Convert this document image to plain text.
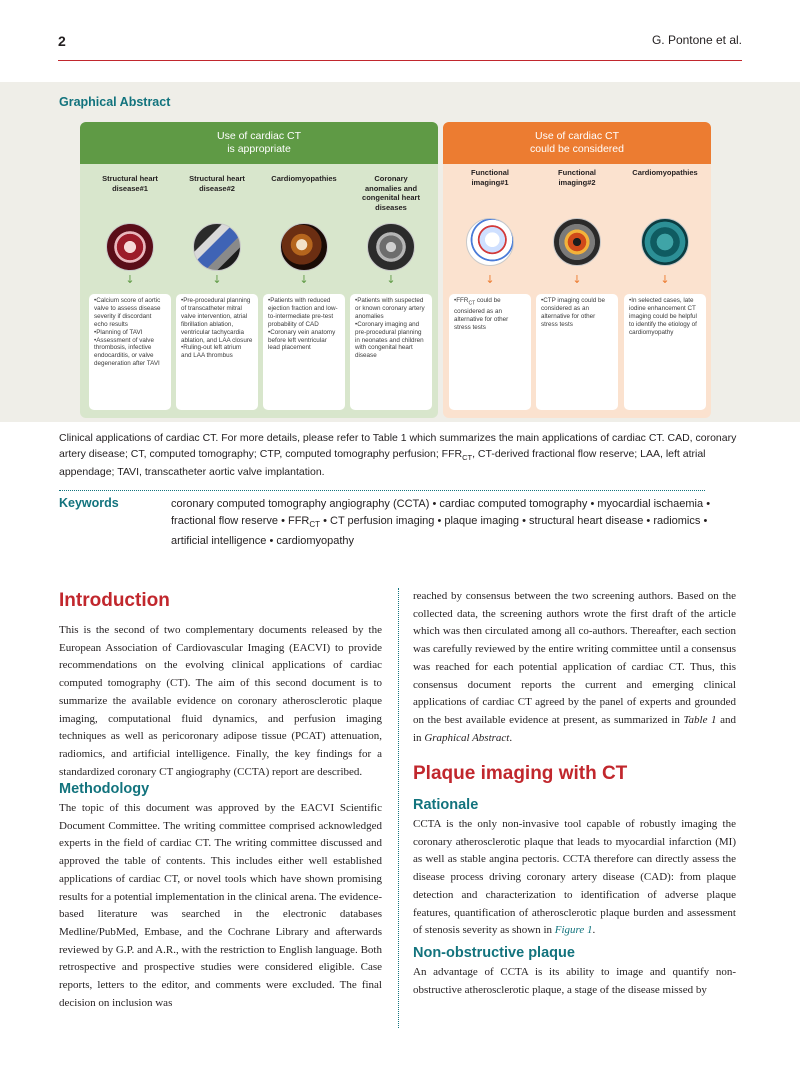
2	G. Pontone et al.
Graphical Abstract
Use of cardiac CT
is appropriate
Use of cardiac CT
could be considered
Structural heart disease#1
↓
•Calcium score of aortic valve to assess disease severity if discordant echo results
•Planning of TAVI
•Assessment of valve thrombosis, infective endocarditis, or valve degeneration after TAVI
Structural heart disease#2
↓
•Pre-procedural planning of transcatheter mitral valve intervention, atrial fibrillation ablation, ventricular tachycardia ablation, and LAA closure
•Ruling-out left atrium and LAA thrombus
Cardiomyopathies
↓
•Patients with reduced ejection fraction and low-to-intermediate pre-test probability of CAD
•Coronary vein anatomy before left ventricular lead placement
Coronary anomalies and congenital heart diseases
↓
•Patients with suspected or known coronary artery anomalies
•Coronary imaging and pre-procedural planning in neonates and children with congenital heart disease
Functional imaging#1
↓
$•FFR_{CT}$ could be considered as an alternative for other stress tests
Functional imaging#2
↓
•CTP imaging could be considered as an alternative for other stress tests
Cardiomyopathies
↓
•In selected cases, late iodine enhancement CT imaging could be helpful to identify the etiology of cardiomyopathy
Clinical applications of cardiac CT. For more details, please refer to Table 1 which summarizes the main applications of cardiac CT. CAD, coronary artery disease; CT, computed tomography; CTP, computed tomography perfusion; $FFR_{CT}$, CT-derived fractional flow reserve; LAA, left atrial appendage; TAVI, transcatheter aortic valve implantation.
Keywords	coronary computed tomography angiography (CCTA) • cardiac computed tomography • myocardial ischaemia • fractional flow reserve • $FFR_{CT}$ • CT perfusion imaging • plaque imaging • structural heart disease • radiomics • artificial intelligence • cardiomyopathy
Introduction
This is the second of two complementary documents released by the European Association of Cardiovascular Imaging (EACVI) to provide recommendations on the evolving clinical applications of cardiac computed tomography (CT). The aim of this second document is to summarize the available evidence on coronary atherosclerotic plaque imaging, computational fluid dynamics, and perfusion imaging techniques as well as pericoronary adipose tissue (PCAT) attenuation, radiomics, and artificial intelligence. Finally, the key findings for a standardized coronary CT angiography (CCTA) report are described.
Methodology
The topic of this document was approved by the EACVI Scientific Document Committee. The writing committee comprised acknowledged experts in the field of cardiac CT. The writing committee discussed and approved the table of contents. This includes either well established applications of cardiac CT, or novel tools which have shown promising results for a potential implementation in the clinical arena. The evidence-based literature was searched in the electronic databases Medline/PubMed, Embase, and the Cochrane Library and afterwards reviewed by G.P. and A.R., with the restriction to English language. Both retrospective and prospective studies were considered eligible. Case reports, letters to the editor, and comments were excluded. The final decision on inclusion was
reached by consensus between the two screening authors. Based on the collected data, the screening authors wrote the first draft of the article which was then circulated among all co-authors. Thereafter, each section was carefully reviewed by the entire writing committee until a consensus was reached for each potential application of cardiac CT. Thus, this consensus document reports the current and emerging clinical applications of cardiac CT agreed by the panel of experts and grounded on the best available evidence at present, as summarized in Table 1 and in Graphical Abstract.
Plaque imaging with CT
Rationale
CCTA is the only non-invasive tool capable of robustly imaging the coronary atherosclerotic plaque that leads to myocardial infarction (MI) as well as stable angina pectoris. CCTA therefore can directly assess the disease process driving coronary artery disease (CAD): from plaque detection and characterization to identification of adverse plaque features, quantification of atherosclerotic plaque burden and assessment of stenosis severity as shown in Figure 1.
Non-obstructive plaque
An advantage of CCTA is its ability to image and quantify non-obstructive atherosclerotic plaque, a stage of the disease missed by
